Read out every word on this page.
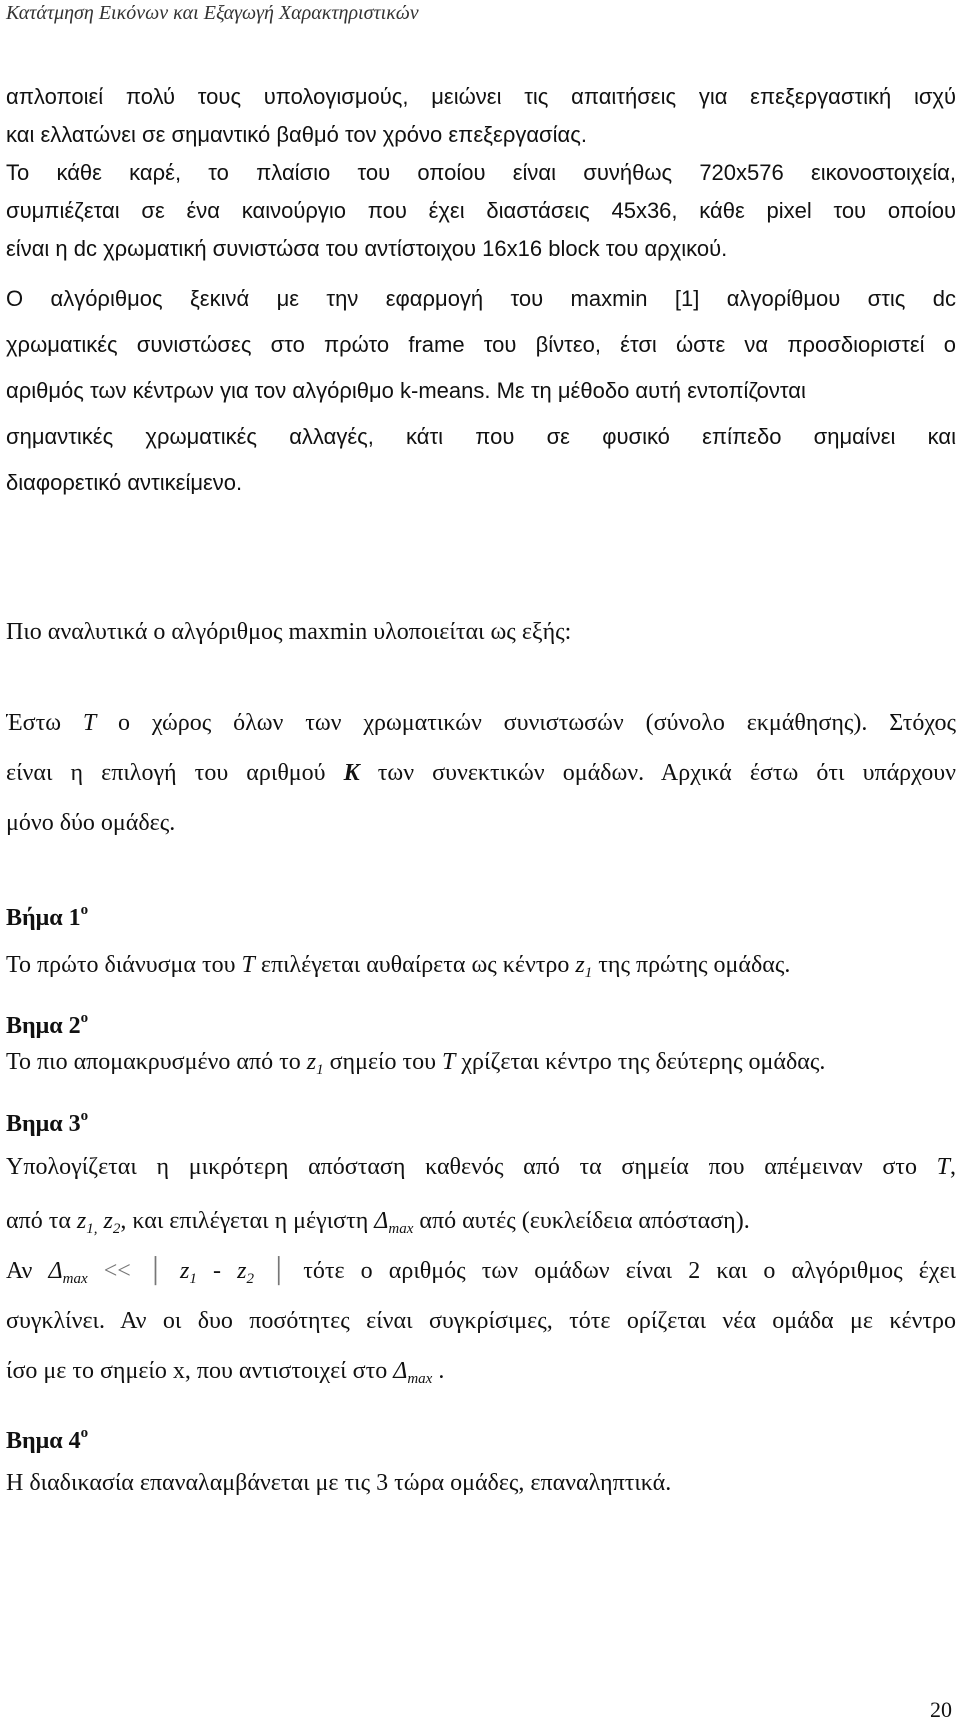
Κατάτμηση Εικόνων και Εξαγωγή Χαρακτηριστικών
απλοποιεί πολύ τους υπολογισμούς, μειώνει τις απαιτήσεις για επεξεργαστική ισχύ
και ελλατώνει σε σημαντικό βαθμό τον χρόνο επεξεργασίας.
Το κάθε καρέ, το πλαίσιο του οποίου είναι συνήθως 720x576 εικονοστοιχεία,
συμπιέζεται σε ένα καινούργιο που έχει διαστάσεις 45x36, κάθε pixel του οποίου
είναι η dc χρωματική συνιστώσα του αντίστοιχου 16x16 block του αρχικού.
Ο αλγόριθμος ξεκινά με την εφαρμογή του maxmin [1] αλγορίθμου στις dc
χρωματικές συνιστώσες στο πρώτο frame του βίντεο, έτσι ώστε να προσδιοριστεί ο
αριθμός των κέντρων για τον αλγόριθμο k-means. Με τη μέθοδο αυτή εντοπίζονται
σημαντικές χρωματικές αλλαγές, κάτι που σε φυσικό επίπεδο σημαίνει και
διαφορετικό αντικείμενο.
Πιο αναλυτικά ο αλγόριθμος maxmin υλοποιείται ως εξής:
Έστω T ο χώρος όλων των χρωματικών συνιστωσών (σύνολο εκμάθησης). Στόχος
είναι η επιλογή του αριθμού K των συνεκτικών ομάδων. Αρχικά έστω ότι υπάρχουν
μόνο δύο ομάδες.
Βήμα $1^o$
Το πρώτο διάνυσμα του T επιλέγεται αυθαίρετα ως κέντρο $z_1$ της πρώτης ομάδας.
Βημα $2^o$
Το πιο απομακρυσμένο από το $z_1$ σημείο του T χρίζεται κέντρο της δεύτερης ομάδας.
Βημα $3^o$
Υπολογίζεται η μικρότερη απόσταση καθενός από τα σημεία που απέμειναν στο T,
από τα $z_{1,}$ $z_2$, και επιλέγεται η μέγιστη $\Delta_{max}$ από αυτές (ευκλείδεια απόσταση).
Αν $\Delta_{max}$ << │ $z_1 - z_2$ │ τότε ο αριθμός των ομάδων είναι 2 και ο αλγόριθμος έχει
συγκλίνει. Αν οι δυο ποσότητες είναι συγκρίσιμες, τότε ορίζεται νέα ομάδα με κέντρο
ίσο με το σημείο x, που αντιστοιχεί στο $\Delta_{max}$ .
Βημα $4^o$
Η διαδικασία επαναλαμβάνεται με τις 3 τώρα ομάδες, επαναληπτικά.
20
